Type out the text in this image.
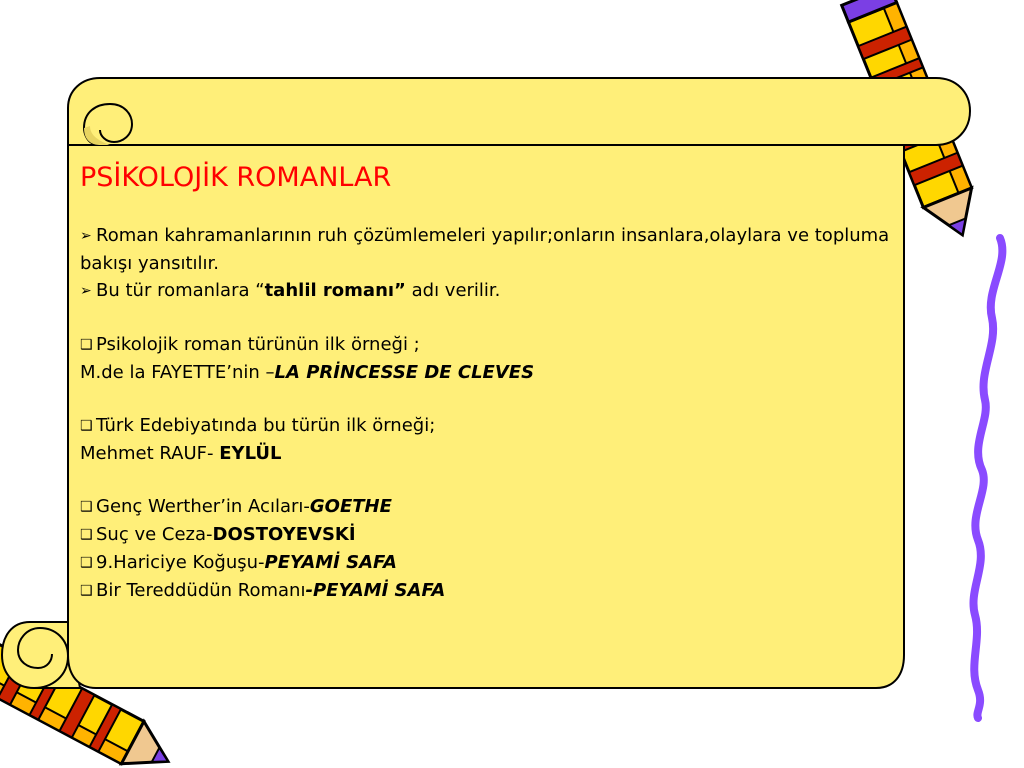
PSİKOLOJİK ROMANLAR

➢ Roman kahramanlarının ruh çözümlemeleri yapılır;onların insanlara,olaylara ve topluma bakışı yansıtılır.

➢ Bu tür romanlara “tahlil romanı” adı verilir.

❑ Psikolojik roman türünün ilk örneği ;

M.de la FAYETTE’nin –LA PRİNCESSE DE CLEVES

❑ Türk Edebiyatında bu türün ilk örneği;

Mehmet RAUF- EYLÜL

❑ Genç Werther’in Acıları-GOETHE

❑ Suç ve Ceza-DOSTOYEVSKİ

❑ 9.Hariciye Koğuşu-PEYAMİ SAFA

❑ Bir Tereddüdün Romanı-PEYAMİ SAFA
